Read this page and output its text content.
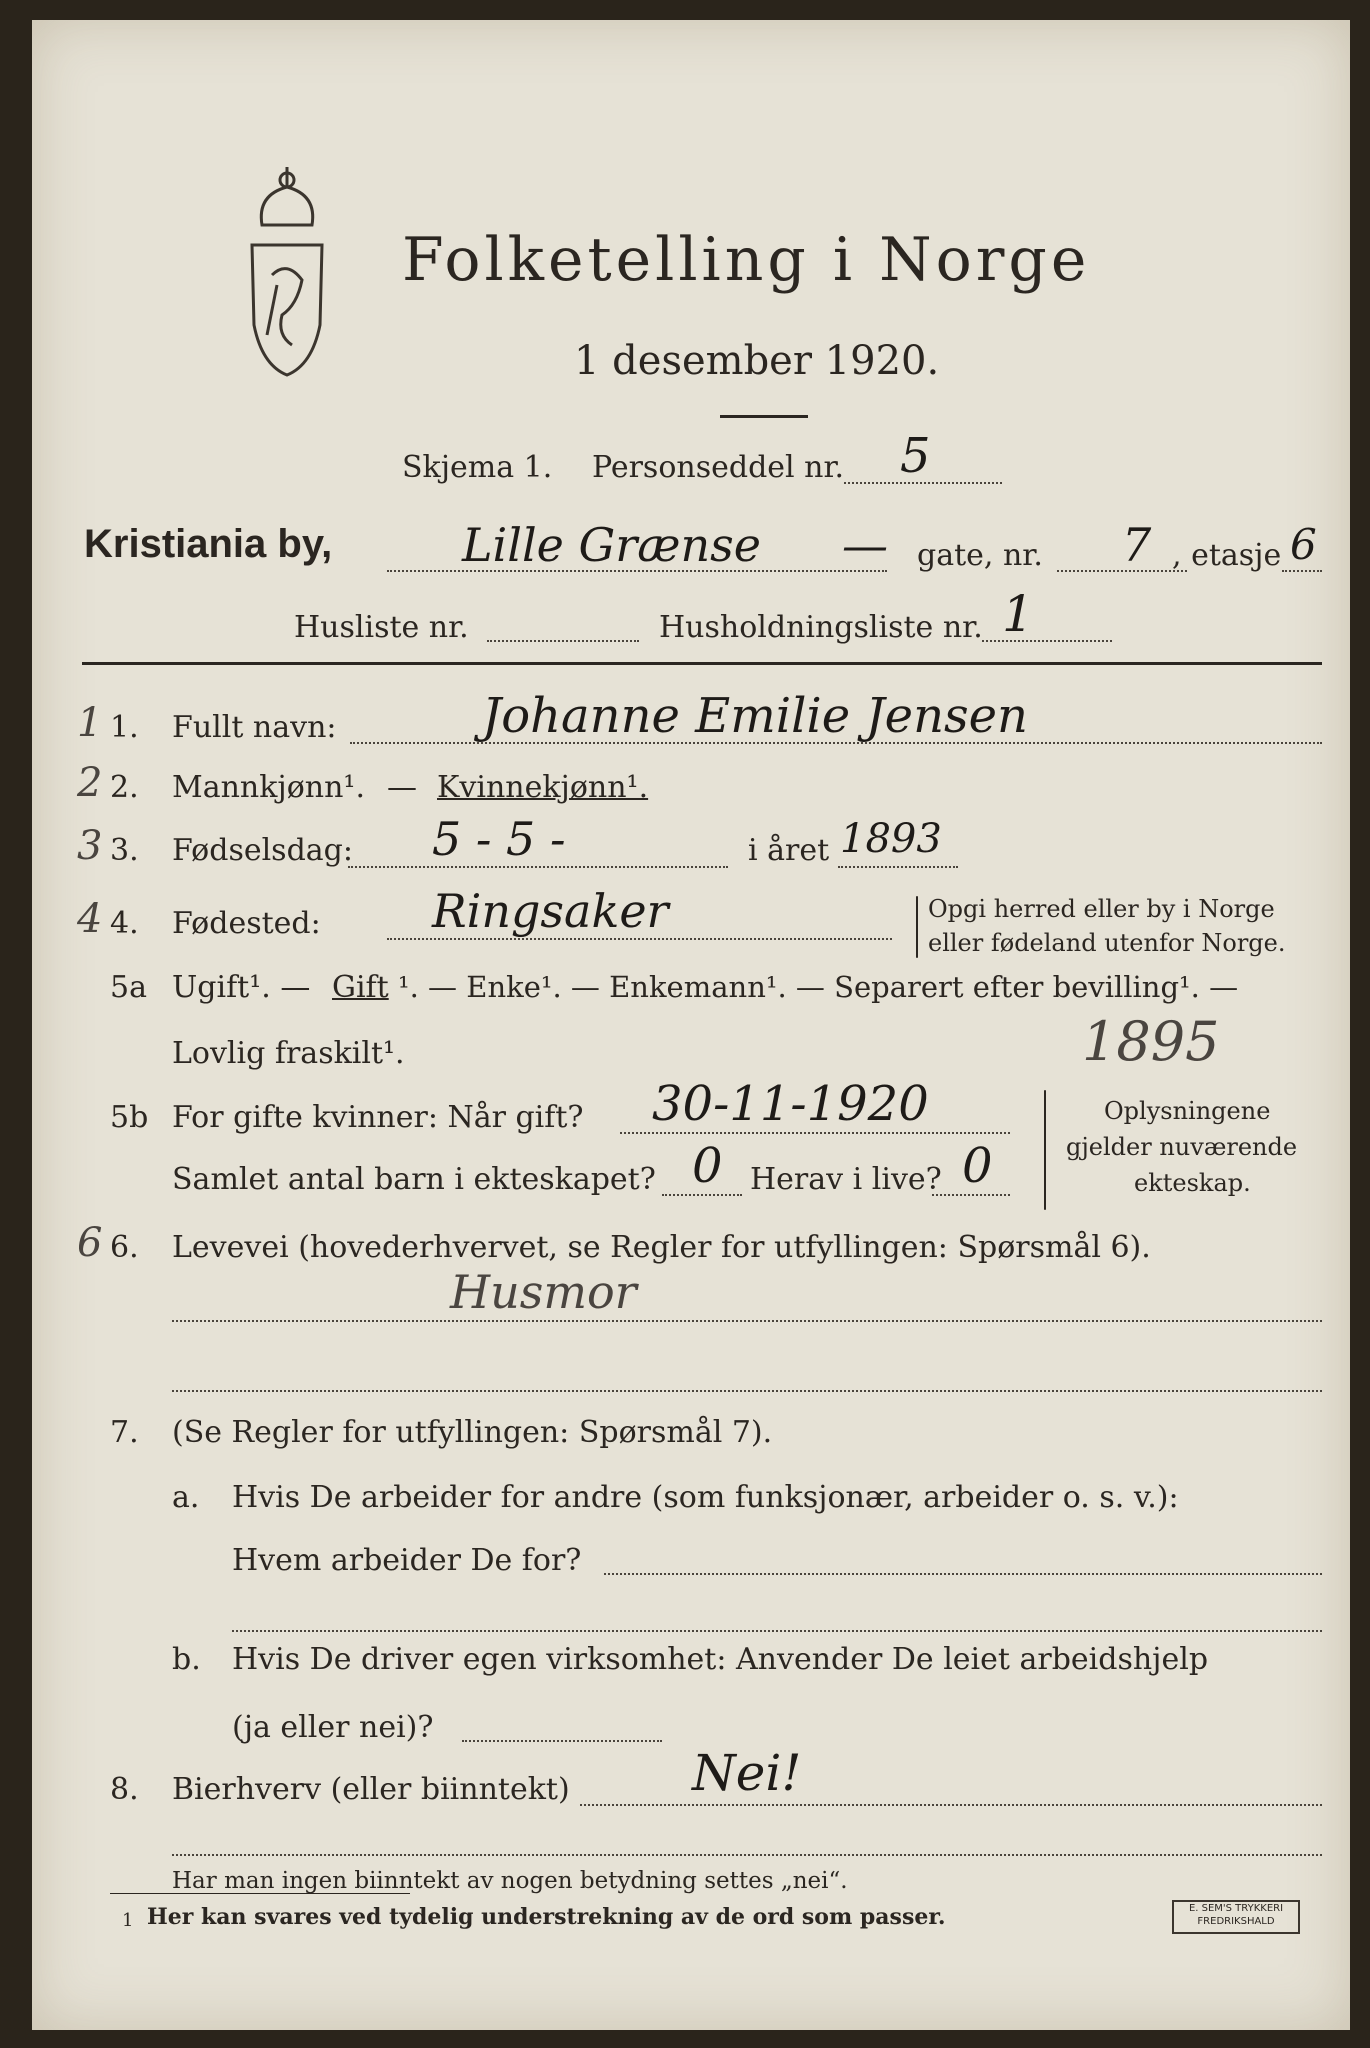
Folketelling i Norge
1 desember 1920.
Skjema 1. Personseddel nr. 5
Kristiania by,	Lille Grænse — gate, nr. 7 , etasje 6
Husliste nr.	Husholdningsliste nr. 1
1 1. Fullt navn:	Johanne Emilie Jensen
2 2. Mannkjønn¹. — Kvinnekjønn¹.
3 3. Fødselsdag: 5 - 5 -	i året 1893
4 4. Fødested: Ringsaker	Opgi herred eller by i Norge
eller fødeland utenfor Norge.
5a Ugift¹. — Gift ¹. — Enke¹. — Enkemann¹. — Separert efter bevilling¹. —
Lovlig fraskilt¹.	1895
5b For gifte kvinner: Når gift? 30-11-1920
Samlet antal barn i ekteskapet? 0 Herav i live? 0
Oplysningene
gjelder nuværende
ekteskap.
6 6. Levevei (hovederhvervet, se Regler for utfyllingen: Spørsmål 6).
Husmor
7. (Se Regler for utfyllingen: Spørsmål 7).
a. Hvis De arbeider for andre (som funksjonær, arbeider o. s. v.):
Hvem arbeider De for?
b. Hvis De driver egen virksomhet: Anvender De leiet arbeidshjelp
(ja eller nei)?
8. Bierhverv (eller biinntekt) Nei!
Har man ingen biinntekt av nogen betydning settes „nei“.
1 Her kan svares ved tydelig understrekning av de ord som passer.	E. SEM'S TRYKKERI FREDRIKSHALD
